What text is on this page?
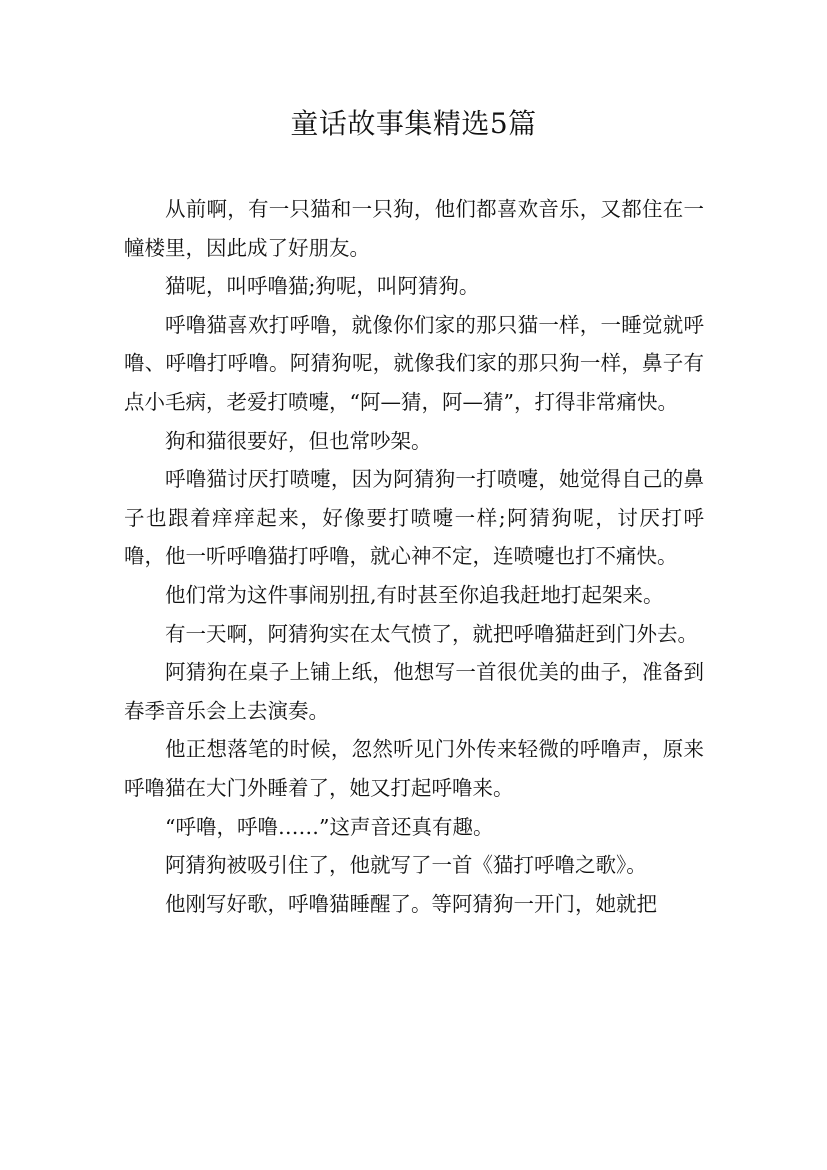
童话故事集精选5篇

从前啊，有一只猫和一只狗，他们都喜欢音乐，又都住在一幢楼里，因此成了好朋友。

猫呢，叫呼噜猫;狗呢，叫阿猜狗。

呼噜猫喜欢打呼噜，就像你们家的那只猫一样，一睡觉就呼噜、呼噜打呼噜。阿猜狗呢，就像我们家的那只狗一样，鼻子有点小毛病，老爱打喷嚏，“阿—猜，阿—猜”，打得非常痛快。

狗和猫很要好，但也常吵架。

呼噜猫讨厌打喷嚏，因为阿猜狗一打喷嚏，她觉得自己的鼻子也跟着痒痒起来，好像要打喷嚏一样;阿猜狗呢，讨厌打呼噜，他一听呼噜猫打呼噜，就心神不定，连喷嚏也打不痛快。

他们常为这件事闹别扭,有时甚至你追我赶地打起架来。

有一天啊，阿猜狗实在太气愤了，就把呼噜猫赶到门外去。

阿猜狗在桌子上铺上纸，他想写一首很优美的曲子，准备到春季音乐会上去演奏。

他正想落笔的时候，忽然听见门外传来轻微的呼噜声，原来呼噜猫在大门外睡着了，她又打起呼噜来。

“呼噜，呼噜……”这声音还真有趣。

阿猜狗被吸引住了，他就写了一首《猫打呼噜之歌》。

他刚写好歌，呼噜猫睡醒了。等阿猜狗一开门，她就把
